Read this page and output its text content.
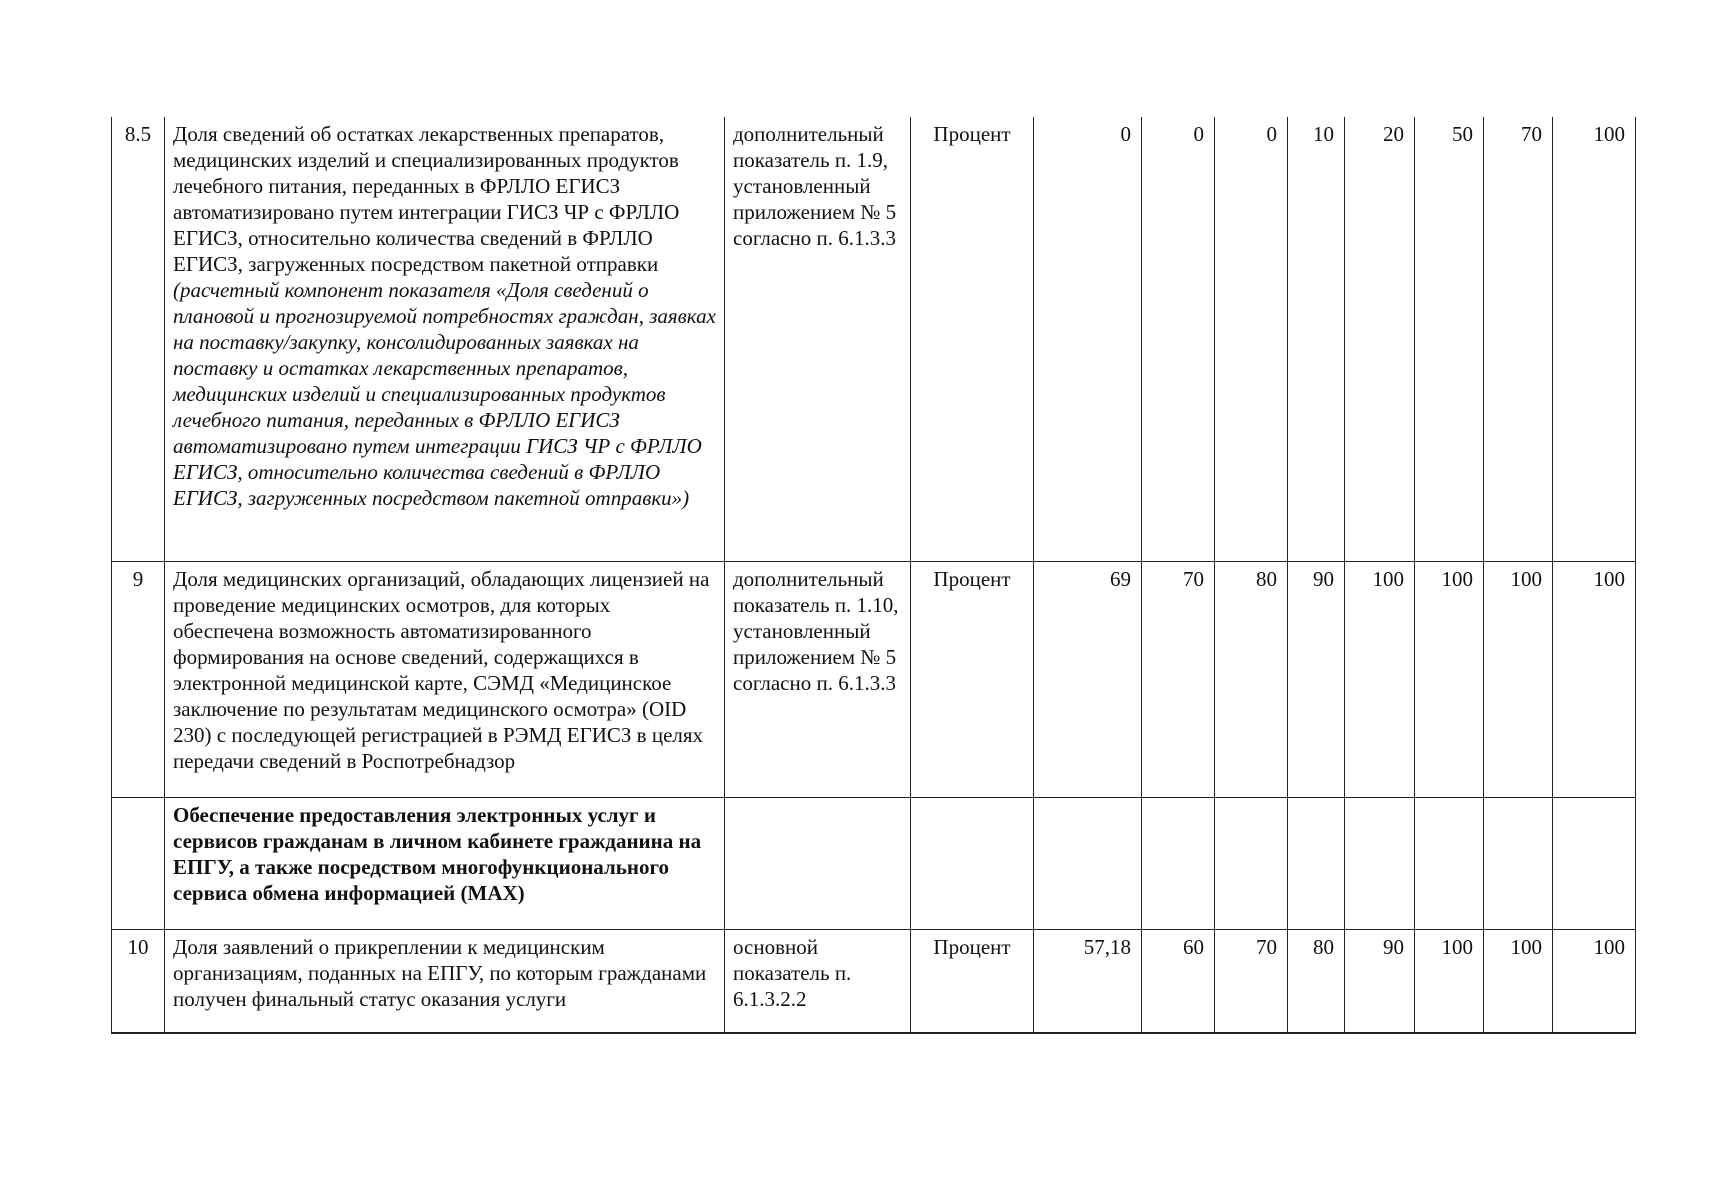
8.5	Доля сведений об остатках лекарственных препаратов, медицинских изделий и специализированных продуктов лечебного питания, переданных в ФРЛЛО ЕГИСЗ автоматизировано путем интеграции ГИСЗ ЧР с ФРЛЛО ЕГИСЗ, относительно количества сведений в ФРЛЛО ЕГИСЗ, загруженных посредством пакетной отправки
(расчетный компонент показателя «Доля сведений о плановой и прогнозируемой потребностях граждан, заявках на поставку/закупку, консолидированных заявках на поставку и остатках лекарственных препаратов, медицинских изделий и специализированных продуктов лечебного питания, переданных в ФРЛЛО ЕГИСЗ автоматизировано путем интеграции ГИСЗ ЧР с ФРЛЛО ЕГИСЗ, относительно количества сведений в ФРЛЛО ЕГИСЗ, загруженных посредством пакетной отправки»)	дополнительный показатель п. 1.9, установленный приложением № 5 согласно п. 6.1.3.3	Процент	0	0	0	10	20	50	70	100
9	Доля медицинских организаций, обладающих лицензией на проведение медицинских осмотров, для которых обеспечена возможность автоматизированного формирования на основе сведений, содержащихся в электронной медицинской карте, СЭМД «Медицинское заключение по результатам медицинского осмотра» (OID 230) с последующей регистрацией в РЭМД ЕГИСЗ в целях передачи сведений в Роспотребнадзор	дополнительный показатель п. 1.10, установленный приложением № 5 согласно п. 6.1.3.3	Процент	69	70	80	90	100	100	100	100
	Обеспечение предоставления электронных услуг и сервисов гражданам в личном кабинете гражданина на ЕПГУ, а также посредством многофункционального сервиса обмена информацией (MAX)										
10	Доля заявлений о прикреплении к медицинским организациям, поданных на ЕПГУ, по которым гражданами получен финальный статус оказания услуги	основной показатель п. 6.1.3.2.2	Процент	57,18	60	70	80	90	100	100	100
